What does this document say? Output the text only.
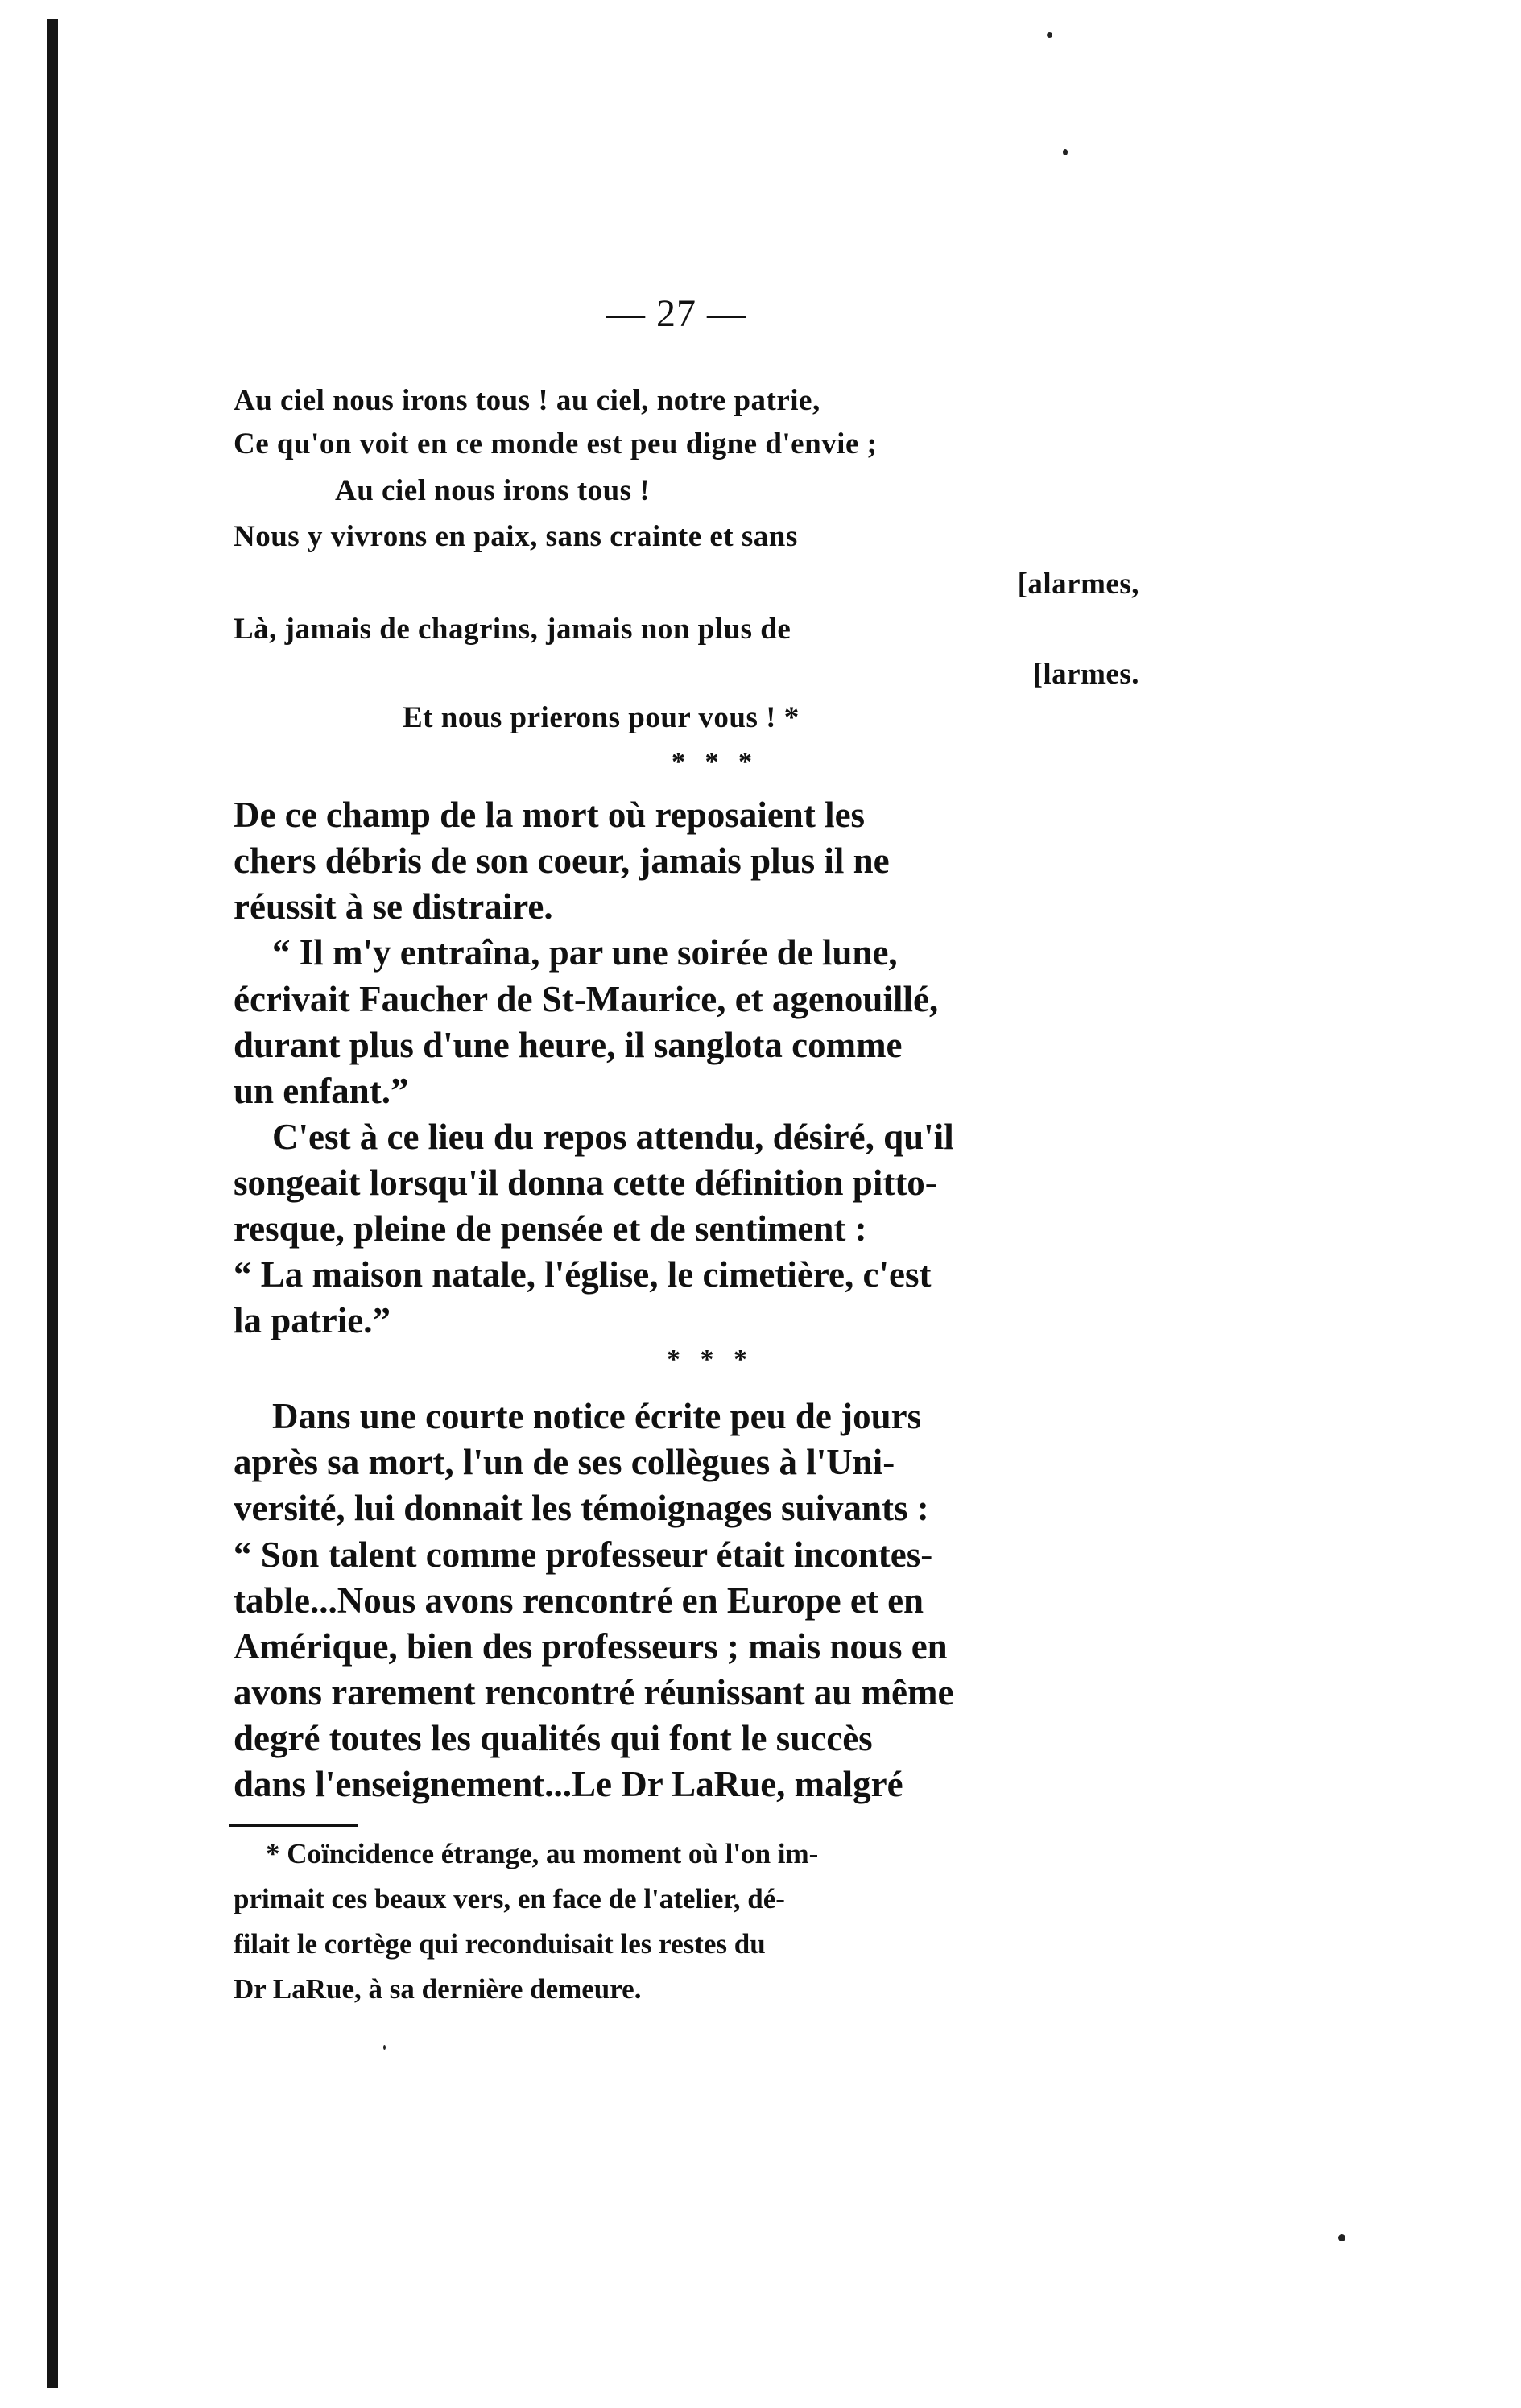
— 27 —
Au ciel nous irons tous ! au ciel, notre patrie,
Ce qu'on voit en ce monde est peu digne d'envie ;
Au ciel nous irons tous !
Nous y vivrons en paix, sans crainte et sans
[alarmes,
Là, jamais de chagrins, jamais non plus de
[larmes.
Et nous prierons pour vous ! *
* * *
De ce champ de la mort où reposaient les
chers débris de son coeur, jamais plus il ne
réussit à se distraire.
“ Il m'y entraîna, par une soirée de lune,
écrivait Faucher de St-Maurice, et agenouillé,
durant plus d'une heure, il sanglota comme
un enfant.”
C'est à ce lieu du repos attendu, désiré, qu'il
songeait lorsqu'il donna cette définition pitto-
resque, pleine de pensée et de sentiment :
“ La maison natale, l'église, le cimetière, c'est
la patrie.”
* * *
Dans une courte notice écrite peu de jours
après sa mort, l'un de ses collègues à l'Uni-
versité, lui donnait les témoignages suivants :
“ Son talent comme professeur était incontes-
table...Nous avons rencontré en Europe et en
Amérique, bien des professeurs ; mais nous en
avons rarement rencontré réunissant au même
degré toutes les qualités qui font le succès
dans l'enseignement...Le Dr LaRue, malgré
* Coïncidence étrange, au moment où l'on im-
primait ces beaux vers, en face de l'atelier, dé-
filait le cortège qui reconduisait les restes du
Dr LaRue, à sa dernière demeure.
